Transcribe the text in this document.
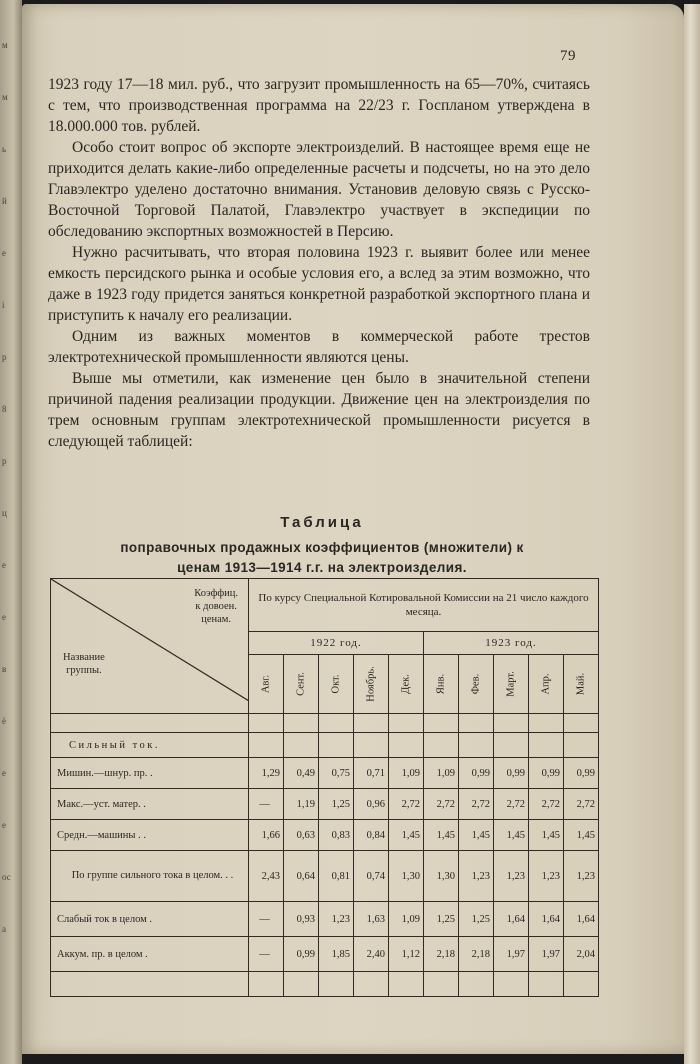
м
м
ь
й
е
і
р
8
р
ц
е
e
в
ё
е
е
ос
а
79

1923 году 17—18 мил. руб., что загрузит промышленность на 65—70%, считаясь с тем, что производственная программа на 22/23 г. Госпланом утверждена в 18.000.000 тов. рублей.

Особо стоит вопрос об экспорте электроизделий. В настоящее время еще не приходится делать какие-либо определенные расчеты и подсчеты, но на это дело Главэлектро уделено достаточно внимания. Установив деловую связь с Русско-Восточной Торговой Палатой, Главэлектро участвует в экспедиции по обследованию экспортных возможностей в Персию.

Нужно расчитывать, что вторая половина 1923 г. выявит более или менее емкость персидского рынка и особые условия его, а вслед за этим возможно, что даже в 1923 году придется заняться конкретной разработкой экспортного плана и приступить к началу его реализации.

Одним из важных моментов в коммерческой работе трестов электротехнической промышленности являются цены.

Выше мы отметили, как изменение цен было в значительной степени причиной падения реализации продукции. Движение цен на электроизделия по трем основным группам электротехнической промышленности рисуется в следующей таблицей:

Таблица
поправочных продажных коэффициентов (множители) к
ценам 1913—1914 г.г. на электроизделия.
Коэффиц.
к довоен.
ценам.
Название
группы.	По курсу Специальной Котировальной Комиссии на 21 число каждого месяца.									
	1922 год.					1923 год.				

	Авг.	Сент.	Окт.	Ноябрь.	Дек.	Янв.	Фев.	Март.	Апр.	Май.

Сильный ток.										
Мишин.—шнур. пр. .	1,29	0,49	0,75	0,71	1,09	1,09	0,99	0,99	0,99	0,99
Макс.—уст. матер. .	—	1,19	1,25	0,96	2,72	2,72	2,72	2,72	2,72	2,72
Средн.—машины . .	1,66	0,63	0,83	0,84	1,45	1,45	1,45	1,45	1,45	1,45
По группе сильного тока в целом. . .	2,43	0,64	0,81	0,74	1,30	1,30	1,23	1,23	1,23	1,23
Слабый ток в целом .	—	0,93	1,23	1,63	1,09	1,25	1,25	1,64	1,64	1,64
Аккум. пр. в целом .	—	0,99	1,85	2,40	1,12	2,18	2,18	1,97	1,97	2,04
